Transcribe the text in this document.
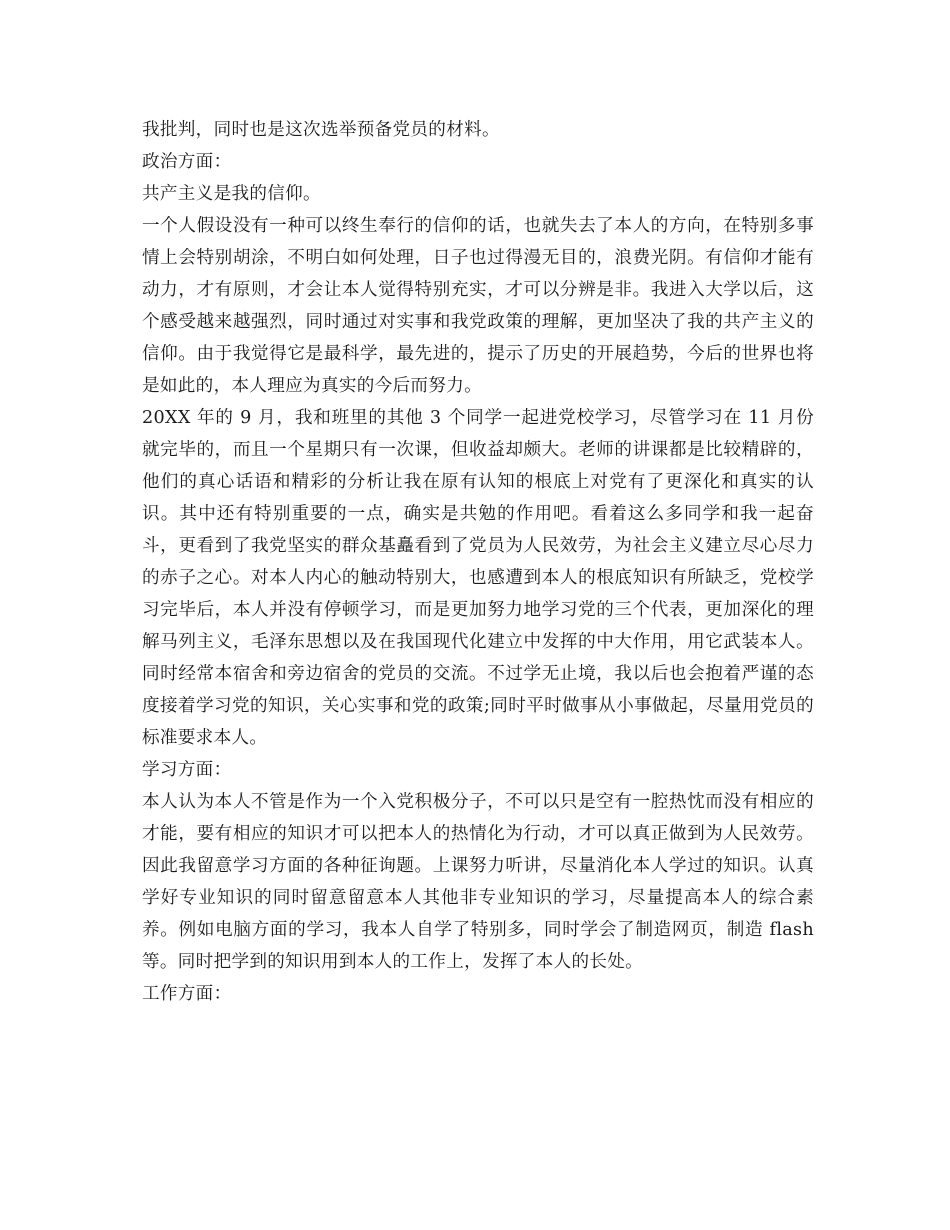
我批判，同时也是这次选举预备党员的材料。

政治方面：

共产主义是我的信仰。

一个人假设没有一种可以终生奉行的信仰的话，也就失去了本人的方向，在特别多事情上会特别胡涂，不明白如何处理，日子也过得漫无目的，浪费光阴。有信仰才能有动力，才有原则，才会让本人觉得特别充实，才可以分辨是非。我进入大学以后，这个感受越来越强烈，同时通过对实事和我党政策的理解，更加坚决了我的共产主义的信仰。由于我觉得它是最科学，最先进的，提示了历史的开展趋势，今后的世界也将是如此的，本人理应为真实的今后而努力。

20XX 年的 9 月，我和班里的其他 3 个同学一起进党校学习，尽管学习在 11 月份就完毕的，而且一个星期只有一次课，但收益却颇大。老师的讲课都是比较精辟的，他们的真心话语和精彩的分析让我在原有认知的根底上对党有了更深化和真实的认识。其中还有特别重要的一点，确实是共勉的作用吧。看着这么多同学和我一起奋斗，更看到了我党坚实的群众基矗看到了党员为人民效劳，为社会主义建立尽心尽力的赤子之心。对本人内心的触动特别大，也感遭到本人的根底知识有所缺乏，党校学习完毕后，本人并没有停顿学习，而是更加努力地学习党的三个代表，更加深化的理解马列主义，毛泽东思想以及在我国现代化建立中发挥的中大作用，用它武装本人。同时经常本宿舍和旁边宿舍的党员的交流。不过学无止境，我以后也会抱着严谨的态度接着学习党的知识，关心实事和党的政策;同时平时做事从小事做起，尽量用党员的标准要求本人。

学习方面：

本人认为本人不管是作为一个入党积极分子，不可以只是空有一腔热忱而没有相应的才能，要有相应的知识才可以把本人的热情化为行动，才可以真正做到为人民效劳。因此我留意学习方面的各种征询题。上课努力听讲，尽量消化本人学过的知识。认真学好专业知识的同时留意留意本人其他非专业知识的学习，尽量提高本人的综合素养。例如电脑方面的学习，我本人自学了特别多，同时学会了制造网页，制造 flash 等。同时把学到的知识用到本人的工作上，发挥了本人的长处。

工作方面：
